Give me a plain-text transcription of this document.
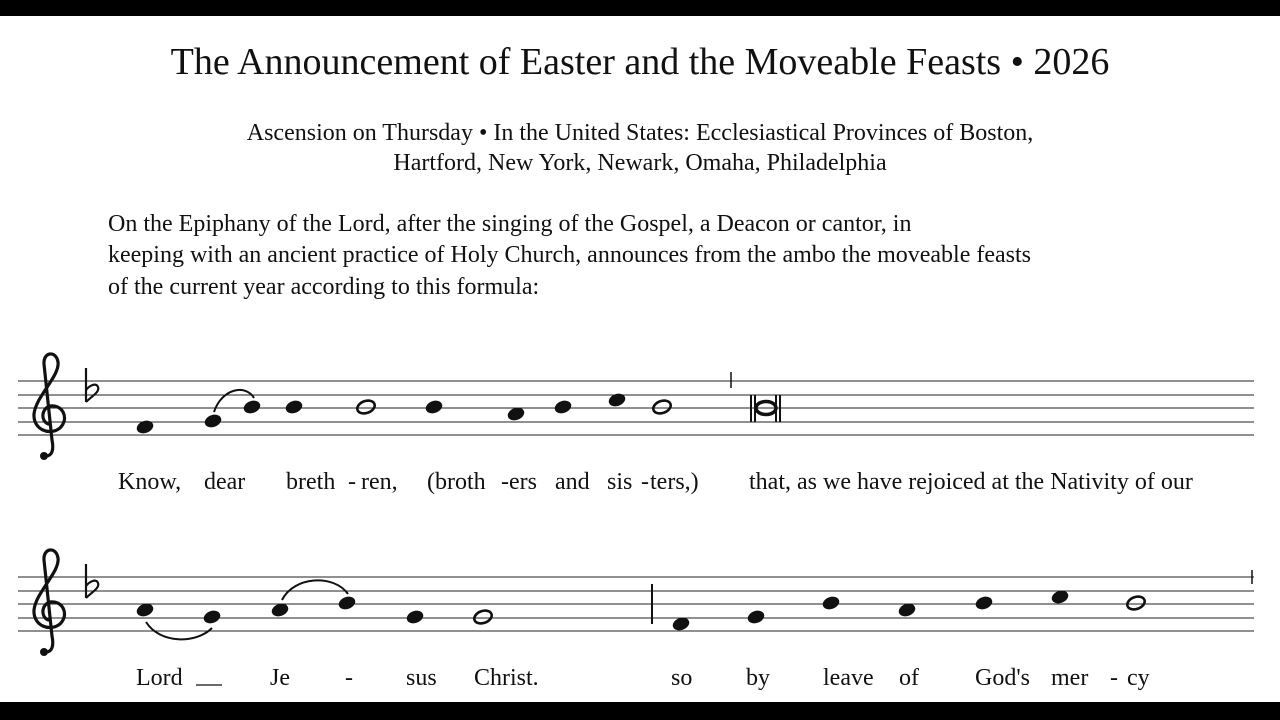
The Announcement of Easter and the Moveable Feasts • 2026
Ascension on Thursday • In the United States: Ecclesiastical Provinces of Boston,
Hartford, New York, Newark, Omaha, Philadelphia
On the Epiphany of the Lord, after the singing of the Gospel, a Deacon or cantor, in
keeping with an ancient practice of Holy Church, announces from the ambo the moveable feasts
of the current year according to this formula:
Know, dear breth - ren, (broth - ers and sis - ters,) that, as we have rejoiced at the Nativity of our
Lord	Je - sus Christ.	so by leave of God's mer - cy
